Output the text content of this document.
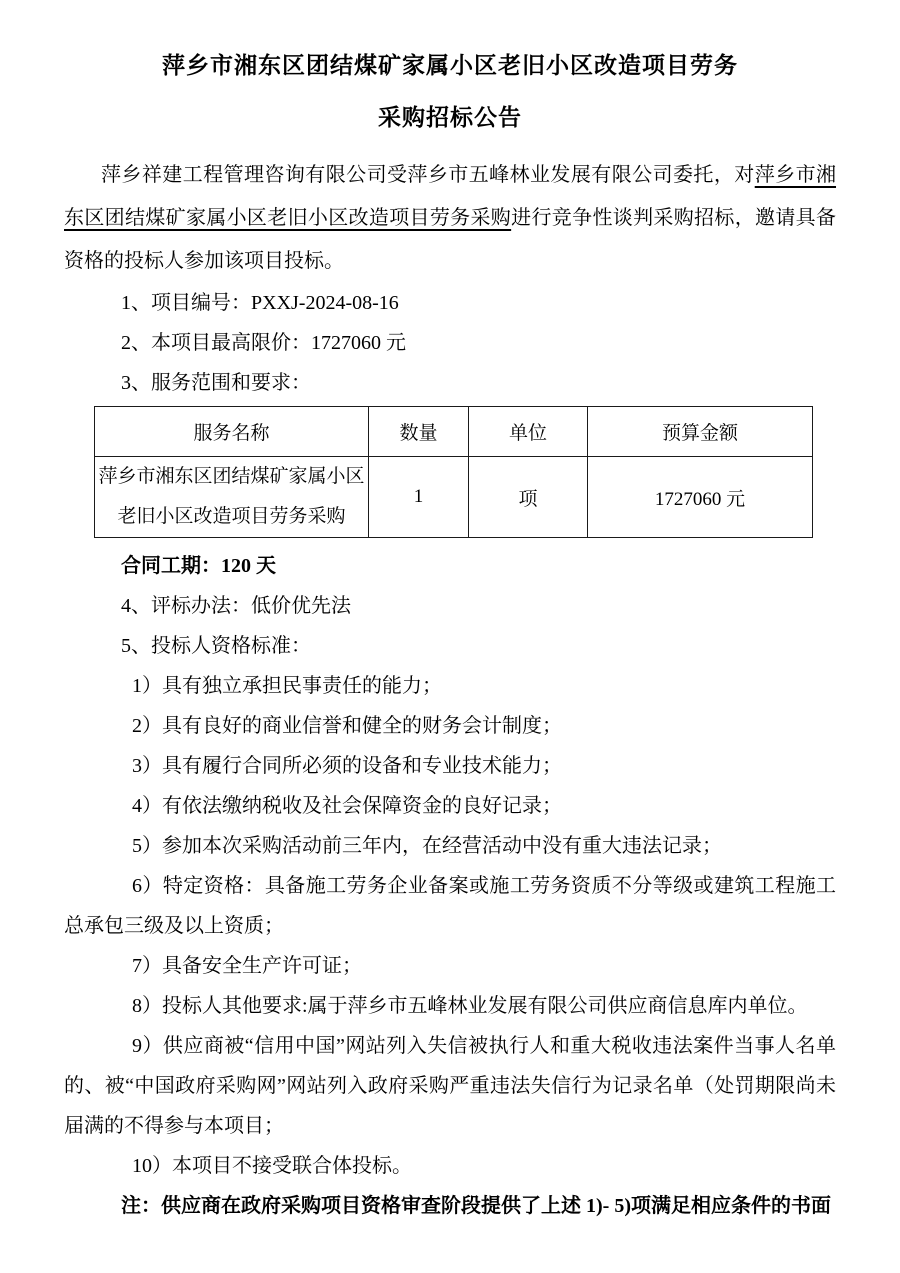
萍乡市湘东区团结煤矿家属小区老旧小区改造项目劳务

采购招标公告

萍乡祥建工程管理咨询有限公司受萍乡市五峰林业发展有限公司委托，对萍乡市湘东区团结煤矿家属小区老旧小区改造项目劳务采购进行竞争性谈判采购招标，邀请具备资格的投标人参加该项目投标。

1、项目编号：PXXJ-2024-08-16

2、本项目最高限价：1727060 元

3、服务范围和要求：

服务名称	数量	单位	预算金额
萍乡市湘东区团结煤矿家属小区老旧小区改造项目劳务采购	1	项	1727060 元

合同工期：120 天

4、评标办法：低价优先法

5、投标人资格标准：

1）具有独立承担民事责任的能力；

2）具有良好的商业信誉和健全的财务会计制度；

3）具有履行合同所必须的设备和专业技术能力；

4）有依法缴纳税收及社会保障资金的良好记录；

5）参加本次采购活动前三年内，在经营活动中没有重大违法记录；

6）特定资格：具备施工劳务企业备案或施工劳务资质不分等级或建筑工程施工总承包三级及以上资质；

7）具备安全生产许可证；

8）投标人其他要求:属于萍乡市五峰林业发展有限公司供应商信息库内单位。

9）供应商被“信用中国”网站列入失信被执行人和重大税收违法案件当事人名单的、被“中国政府采购网”网站列入政府采购严重违法失信行为记录名单（处罚期限尚未届满的不得参与本项目；

10）本项目不接受联合体投标。

注：供应商在政府采购项目资格审查阶段提供了上述 1)- 5)项满足相应条件的书面
